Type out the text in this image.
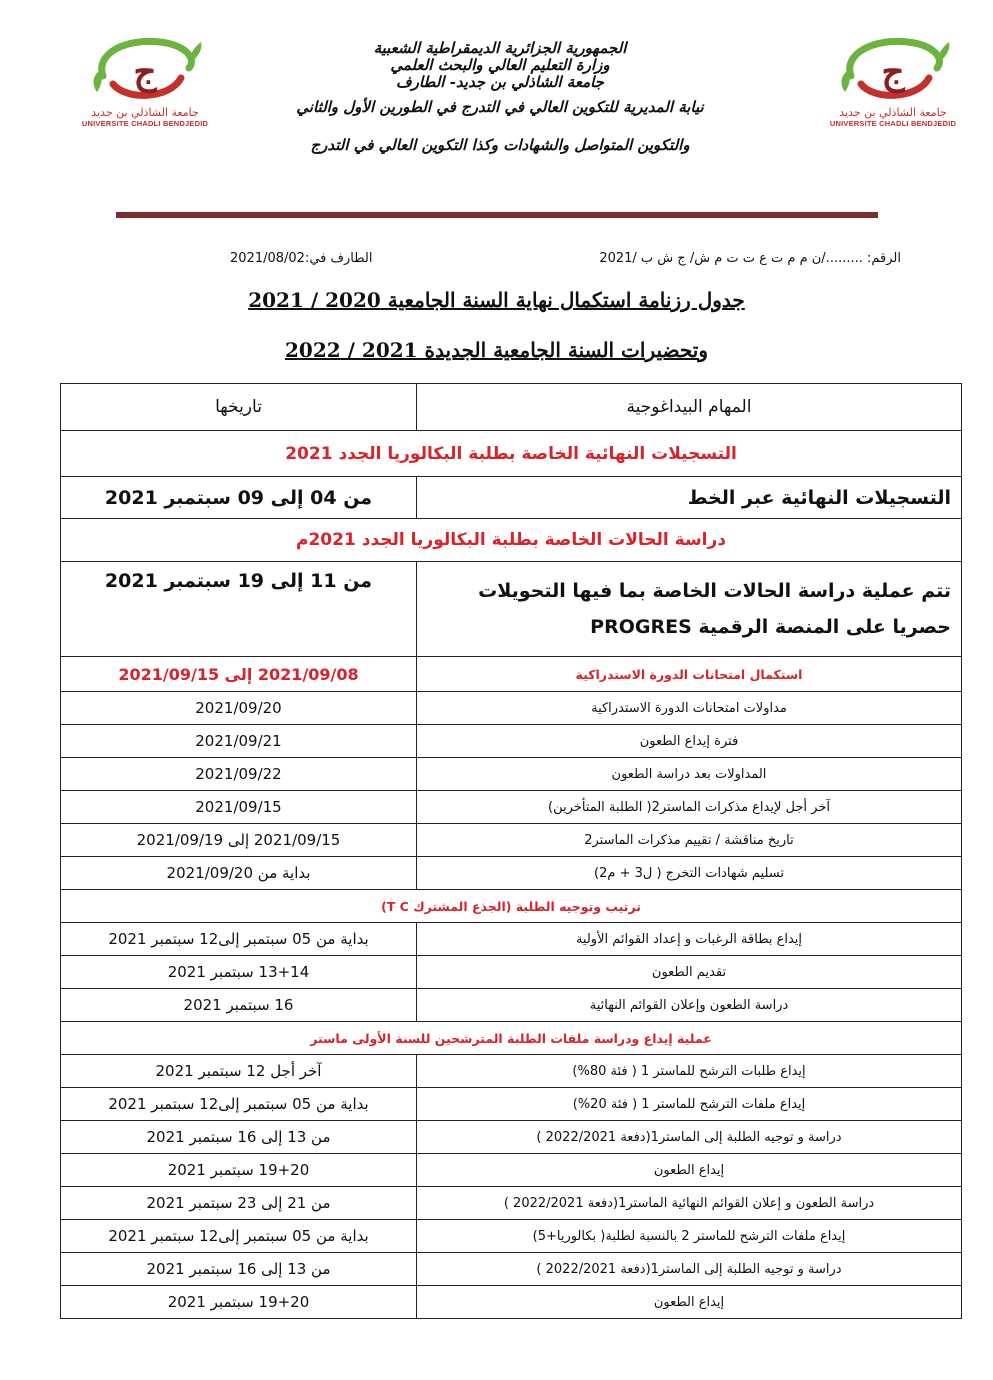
ج
جامعة الشاذلي بن جديد
UNIVERSITE CHADLI BENDJEDID
ج
جامعة الشاذلي بن جديد
UNIVERSITE CHADLI BENDJEDID
الجمهورية الجزائرية الديمقراطية الشعبية
وزارة التعليم العالي والبحث العلمي
جامعة الشاذلي بن جديد- الطارف
نيابة المديرية للتكوين العالي في التدرج في الطورين الأول والثاني
والتكوين المتواصل والشهادات وكذا التكوين العالي في التدرج
الرقم: ........./ن م م ت ع ت ت م ش/ ج ش ب /2021
الطارف في:2021/08/02
جدول رزنامة استكمال نهاية السنة الجامعية 2020 / 2021
وتحضيرات السنة الجامعية الجديدة 2021 / 2022
المهام البيداغوجية	تاريخها
التسجيلات النهائية الخاصة بطلبة البكالوريا الجدد 2021	
التسجيلات النهائية عبر الخط	من 04 إلى 09 سبتمبر 2021
دراسة الحالات الخاصة بطلبة البكالوريا الجدد 2021م	

تتم عملية دراسة الحالات الخاصة بما فيها التحويلات
حصريا على المنصة الرقمية PROGRES	من 11 إلى 19 سبتمبر 2021
استكمال امتحانات الدورة الاستدراكية	2021/09/08 إلى 2021/09/15
مداولات امتحانات الدورة الاستدراكية	2021/09/20
فترة إيداع الطعون	2021/09/21
المداولات بعد دراسة الطعون	2021/09/22
آخر أجل لإيداع مذكرات الماستر2( الطلبة المتأخرين)	2021/09/15
تاريخ مناقشة / تقييم مذكرات الماستر2	2021/09/15 إلى 2021/09/19
تسليم شهادات التخرج ( ل3 + م2)	بداية من 2021/09/20
ترتيب وتوجيه الطلبة (الجذع المشترك T C)	
إيداع بطاقة الرغبات و إعداد القوائم الأولية	بداية من 05 سبتمبر إلى12 سبتمبر 2021
تقديم الطعون	13+14 سبتمبر 2021
دراسة الطعون وإعلان القوائم النهائية	16 سبتمبر 2021
عملية إيداع ودراسة ملفات الطلبة المترشحين للسنة الأولى ماستر	
إيداع طلبات الترشح للماستر 1 ( فئة 80%)	آخر أجل 12 سبتمبر 2021
إيداع ملفات الترشح للماستر 1 ( فئة 20%)	بداية من 05 سبتمبر إلى12 سبتمبر 2021
دراسة و توجيه الطلبة إلى الماستر1(دفعة 2022/2021 )	من 13 إلى 16 سبتمبر 2021
إيداع الطعون	19+20 سبتمبر 2021
دراسة الطعون و إعلان القوائم النهائية الماستر1(دفعة 2022/2021 )	من 21 إلى 23 سبتمبر 2021
إيداع ملفات الترشح للماستر 2 بالنسبة لطلبة( بكالوريا+5)	بداية من 05 سبتمبر إلى12 سبتمبر 2021
دراسة و توجيه الطلبة إلى الماستر1(دفعة 2022/2021 )	من 13 إلى 16 سبتمبر 2021
إيداع الطعون	19+20 سبتمبر 2021
